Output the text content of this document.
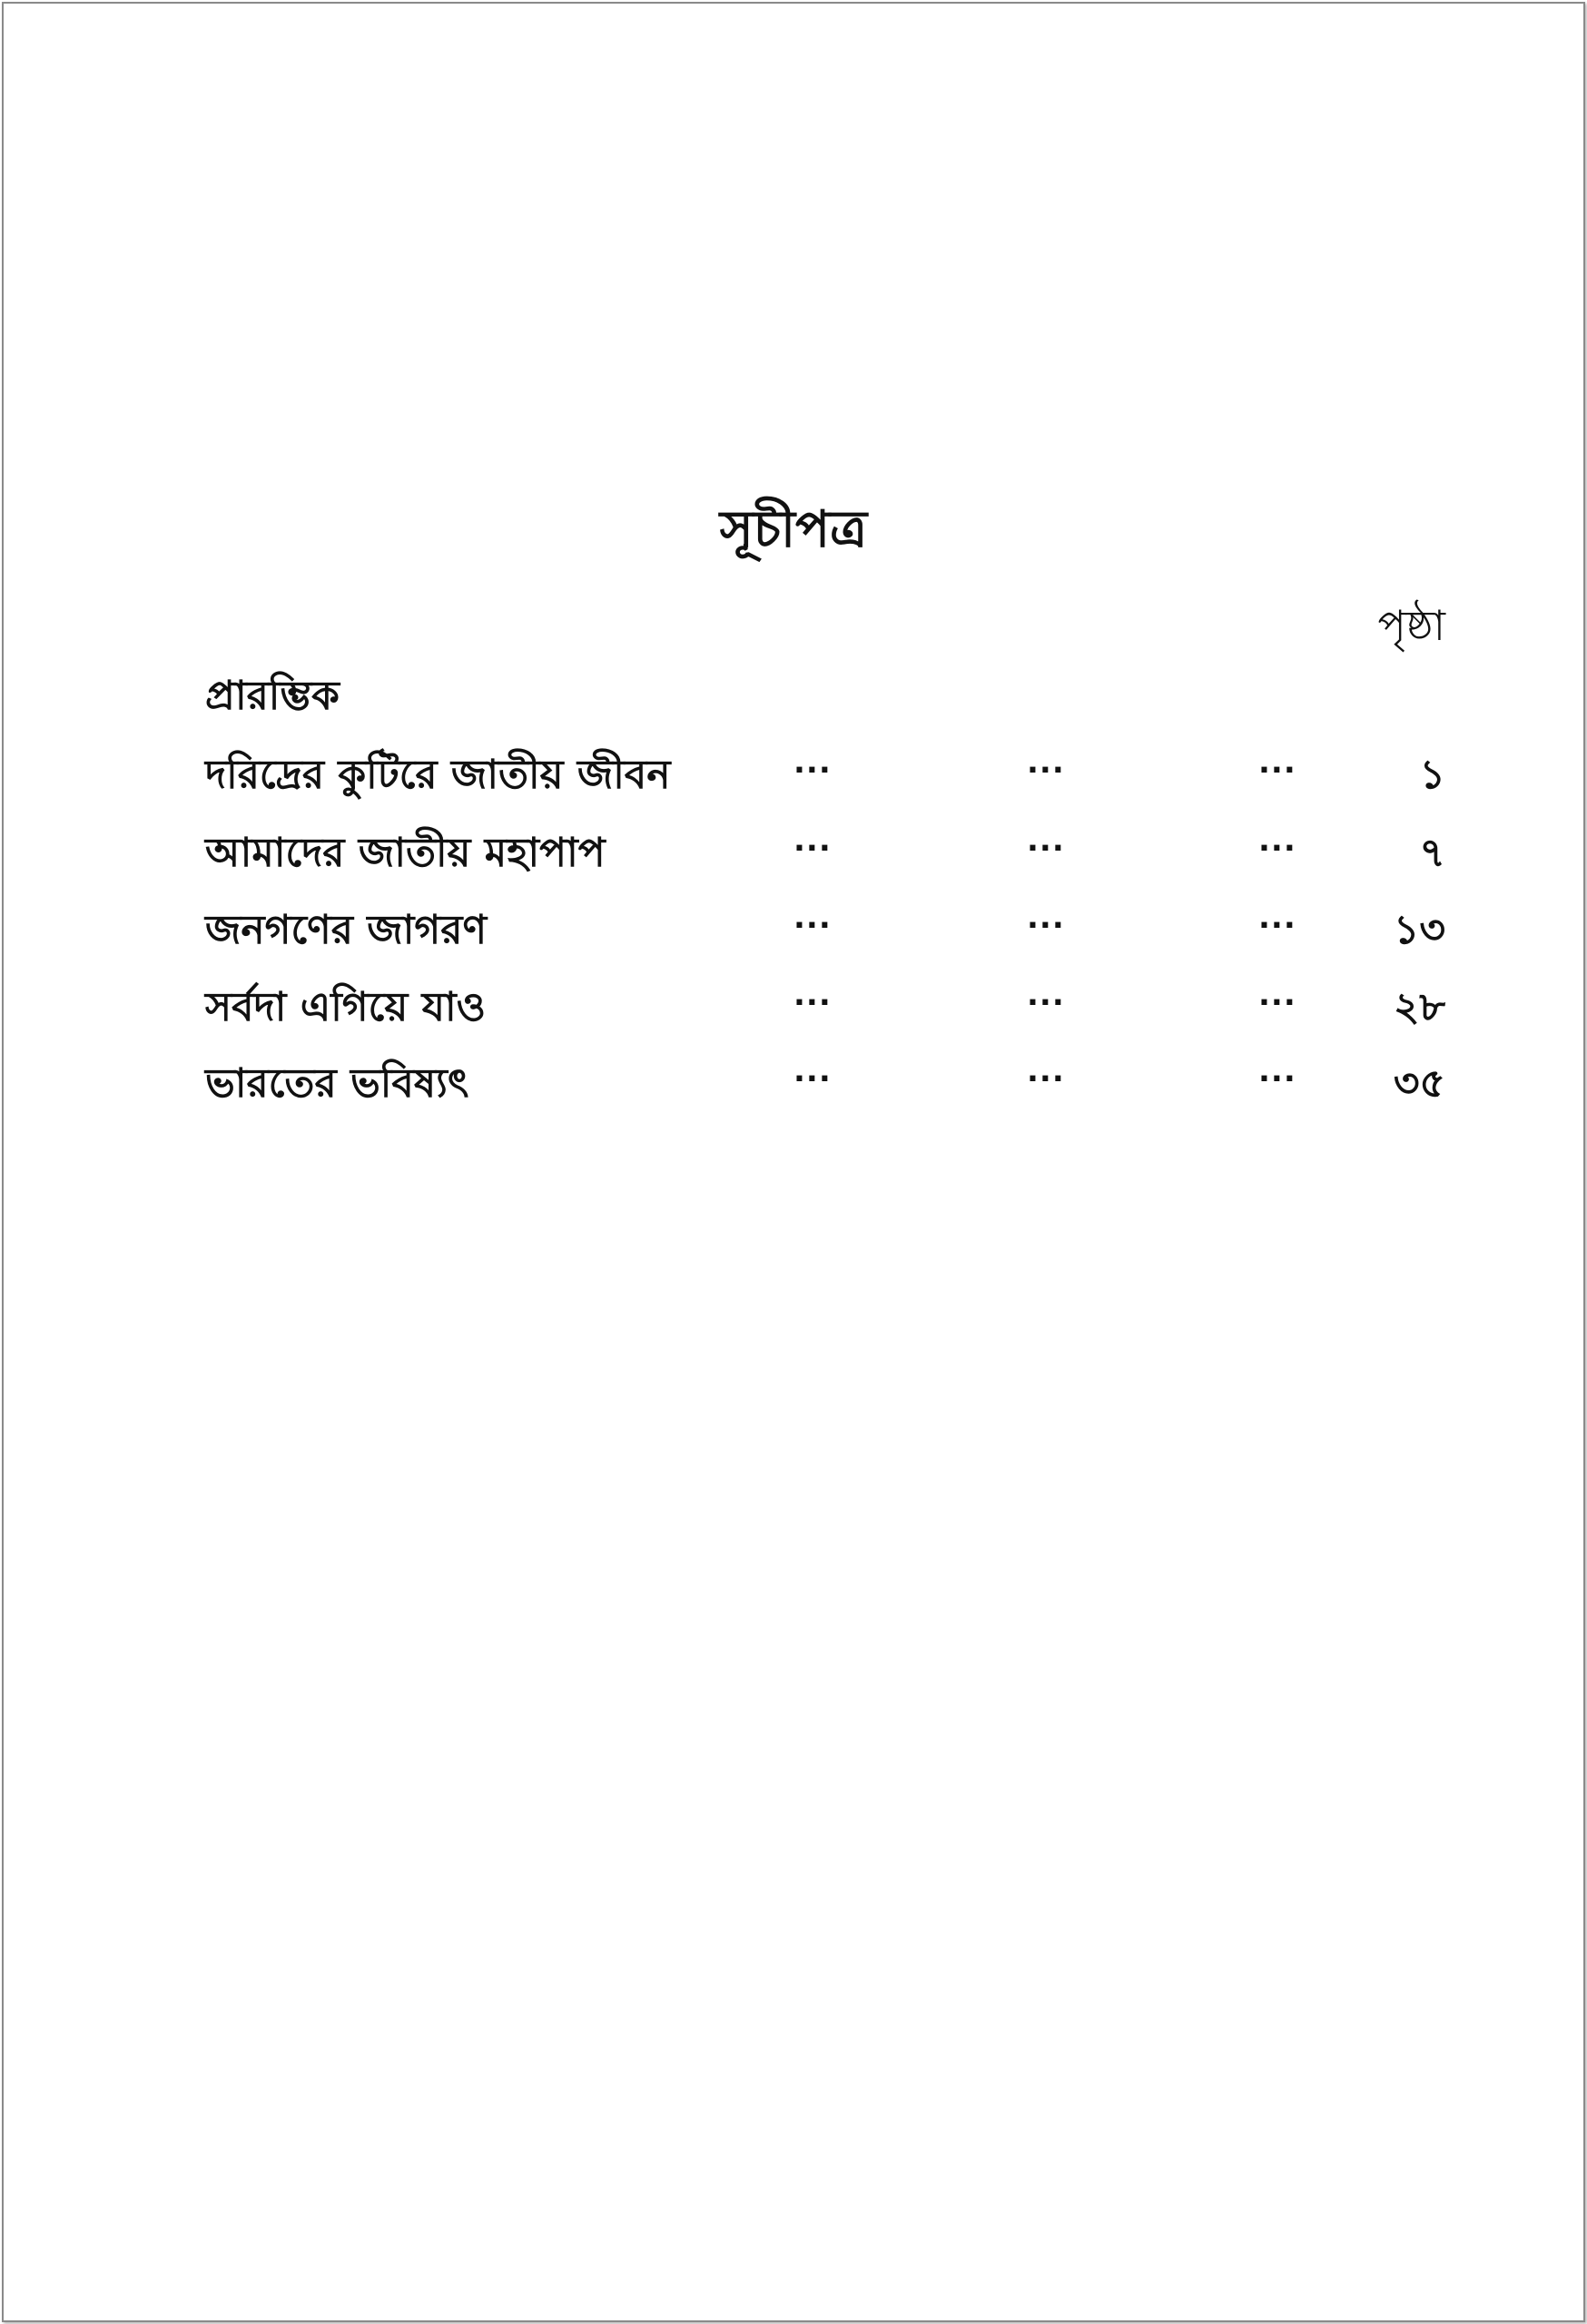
সূচীপত্র
পৃষ্ঠা
প্রারম্ভিক
দরিদ্রের কুটিরে জাতীয় জীবন	...	...	...	১
আমাদের জাতীয় মহাপাপ	...	...	...	৭
জনগণের জাগরণ	...	...	... ১৩
সর্বদা এগিয়ে যাও	...	...	... ২৮
ভারতের ভবিষ্যৎ	...	...	... ৩৫
